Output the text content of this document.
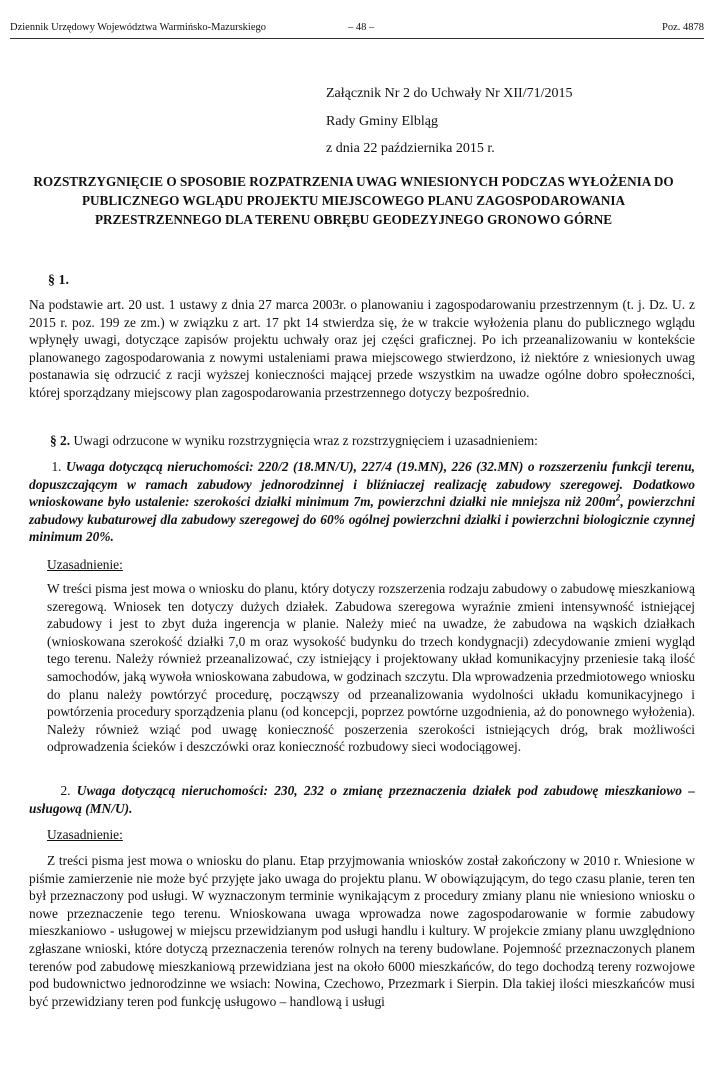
Dziennik Urzędowy Województwa Warmińsko-Mazurskiego	– 48 –	Poz. 4878
Załącznik Nr 2 do Uchwały Nr XII/71/2015
Rady Gminy Elbląg
z dnia 22 października 2015 r.
ROZSTRZYGNIĘCIE O SPOSOBIE ROZPATRZENIA UWAG WNIESIONYCH PODCZAS WYŁOŻENIA DO PUBLICZNEGO WGLĄDU PROJEKTU MIEJSCOWEGO PLANU ZAGOSPODAROWANIA PRZESTRZENNEGO DLA TERENU OBRĘBU GEODEZYJNEGO GRONOWO GÓRNE
§ 1.
Na podstawie art. 20 ust. 1 ustawy z dnia 27 marca 2003r. o planowaniu i zagospodarowaniu przestrzennym (t. j. Dz. U. z 2015 r. poz. 199 ze zm.) w związku z art. 17 pkt 14 stwierdza się, że w trakcie wyłożenia planu do publicznego wglądu wpłynęły uwagi, dotyczące zapisów projektu uchwały oraz jej części graficznej. Po ich przeanalizowaniu w kontekście planowanego zagospodarowania z nowymi ustaleniami prawa miejscowego stwierdzono, iż niektóre z wniesionych uwag postanawia się odrzucić z racji wyższej konieczności mającej przede wszystkim na uwadze ogólne dobro społeczności, której sporządzany miejscowy plan zagospodarowania przestrzennego dotyczy bezpośrednio.
§ 2. Uwagi odrzucone w wyniku rozstrzygnięcia wraz z rozstrzygnięciem i uzasadnieniem:
1. Uwaga dotyczącą nieruchomości: 220/2 (18.MN/U), 227/4 (19.MN), 226 (32.MN) o rozszerzeniu funkcji terenu, dopuszczającym w ramach zabudowy jednorodzinnej i bliźniaczej realizację zabudowy szeregowej. Dodatkowo wnioskowane było ustalenie: szerokości działki minimum 7m, powierzchni działki nie mniejsza niż $200m^2$, powierzchni zabudowy kubaturowej dla zabudowy szeregowej do 60% ogólnej powierzchni działki i powierzchni biologicznie czynnej minimum 20%.
Uzasadnienie:
W treści pisma jest mowa o wniosku do planu, który dotyczy rozszerzenia rodzaju zabudowy o zabudowę mieszkaniową szeregową. Wniosek ten dotyczy dużych działek. Zabudowa szeregowa wyraźnie zmieni intensywność istniejącej zabudowy i jest to zbyt duża ingerencja w planie. Należy mieć na uwadze, że zabudowa na wąskich działkach (wnioskowana szerokość działki 7,0 m oraz wysokość budynku do trzech kondygnacji) zdecydowanie zmieni wygląd tego terenu. Należy również przeanalizować, czy istniejący i projektowany układ komunikacyjny przeniesie taką ilość samochodów, jaką wywoła wnioskowana zabudowa, w godzinach szczytu. Dla wprowadzenia przedmiotowego wniosku do planu należy powtórzyć procedurę, począwszy od przeanalizowania wydolności układu komunikacyjnego i powtórzenia procedury sporządzenia planu (od koncepcji, poprzez powtórne uzgodnienia, aż do ponownego wyłożenia). Należy również wziąć pod uwagę konieczność poszerzenia szerokości istniejących dróg, brak możliwości odprowadzenia ścieków i deszczówki oraz konieczność rozbudowy sieci wodociągowej.
2. Uwaga dotyczącą nieruchomości: 230, 232 o zmianę przeznaczenia działek pod zabudowę mieszkaniowo – usługową (MN/U).
Uzasadnienie:
Z treści pisma jest mowa o wniosku do planu. Etap przyjmowania wniosków został zakończony w 2010 r. Wniesione w piśmie zamierzenie nie może być przyjęte jako uwaga do projektu planu. W obowiązującym, do tego czasu planie, teren ten był przeznaczony pod usługi. W wyznaczonym terminie wynikającym z procedury zmiany planu nie wniesiono wniosku o nowe przeznaczenie tego terenu. Wnioskowana uwaga wprowadza nowe zagospodarowanie w formie zabudowy mieszkaniowo - usługowej w miejscu przewidzianym pod usługi handlu i kultury. W projekcie zmiany planu uwzględniono zgłaszane wnioski, które dotyczą przeznaczenia terenów rolnych na tereny budowlane. Pojemność przeznaczonych planem terenów pod zabudowę mieszkaniową przewidziana jest na około 6000 mieszkańców, do tego dochodzą tereny rozwojowe pod budownictwo jednorodzinne we wsiach: Nowina, Czechowo, Przezmark i Sierpin. Dla takiej ilości mieszkańców musi być przewidziany teren pod funkcję usługowo – handlową i usługi
